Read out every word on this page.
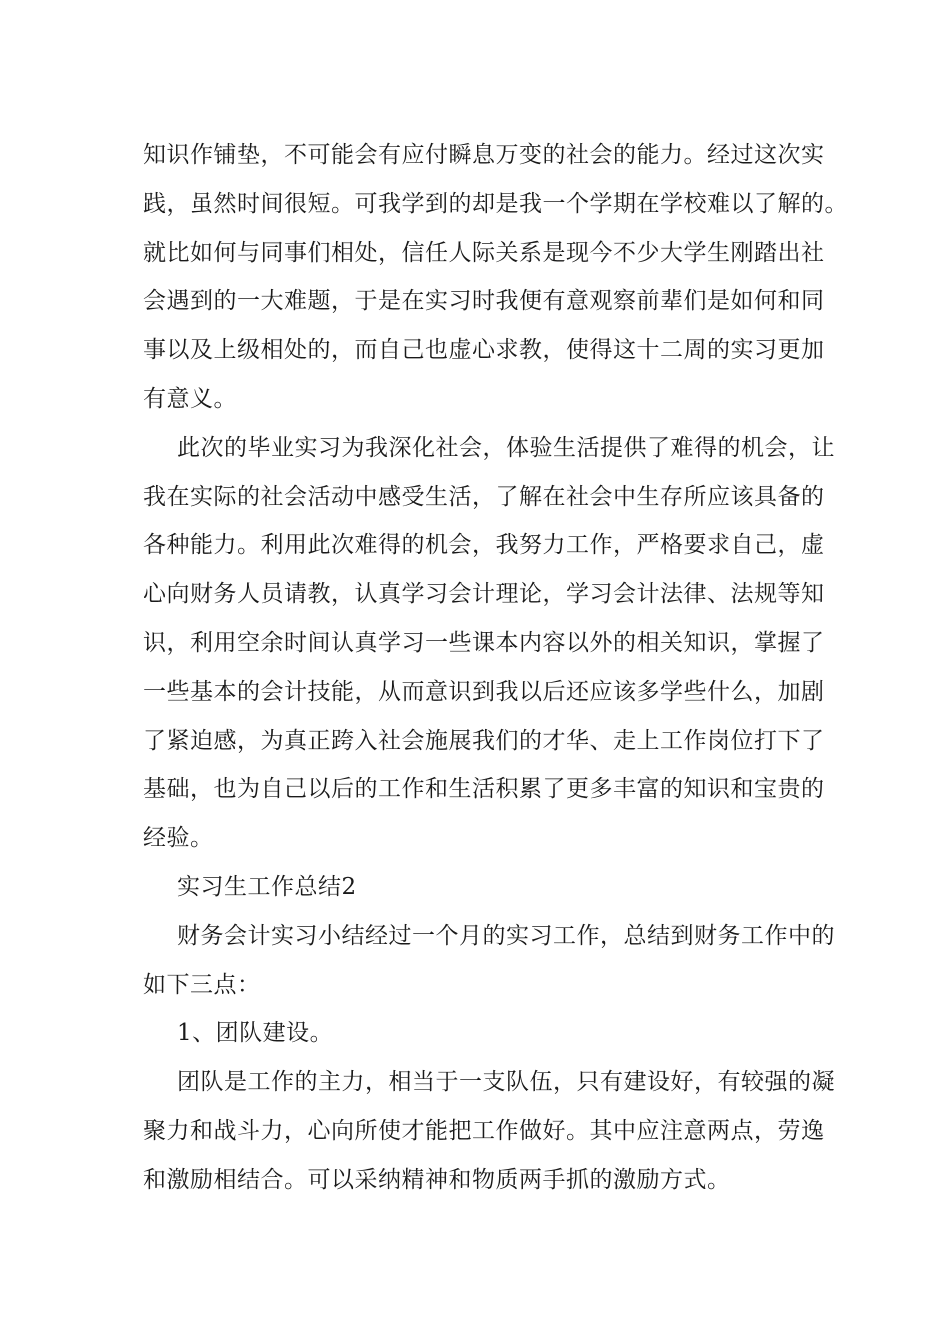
知识作铺垫，不可能会有应付瞬息万变的社会的能力。经过这次实
践，虽然时间很短。可我学到的却是我一个学期在学校难以了解的。
就比如何与同事们相处，信任人际关系是现今不少大学生刚踏出社
会遇到的一大难题，于是在实习时我便有意观察前辈们是如何和同
事以及上级相处的，而自己也虚心求教，使得这十二周的实习更加
有意义。
此次的毕业实习为我深化社会，体验生活提供了难得的机会，让
我在实际的社会活动中感受生活，了解在社会中生存所应该具备的
各种能力。利用此次难得的机会，我努力工作，严格要求自己，虚
心向财务人员请教，认真学习会计理论，学习会计法律、法规等知
识，利用空余时间认真学习一些课本内容以外的相关知识，掌握了
一些基本的会计技能，从而意识到我以后还应该多学些什么，加剧
了紧迫感，为真正跨入社会施展我们的才华、走上工作岗位打下了
基础，也为自己以后的工作和生活积累了更多丰富的知识和宝贵的
经验。
实习生工作总结2
财务会计实习小结经过一个月的实习工作，总结到财务工作中的
如下三点：
1、团队建设。
团队是工作的主力，相当于一支队伍，只有建设好，有较强的凝
聚力和战斗力，心向所使才能把工作做好。其中应注意两点，劳逸
和激励相结合。可以采纳精神和物质两手抓的激励方式。
